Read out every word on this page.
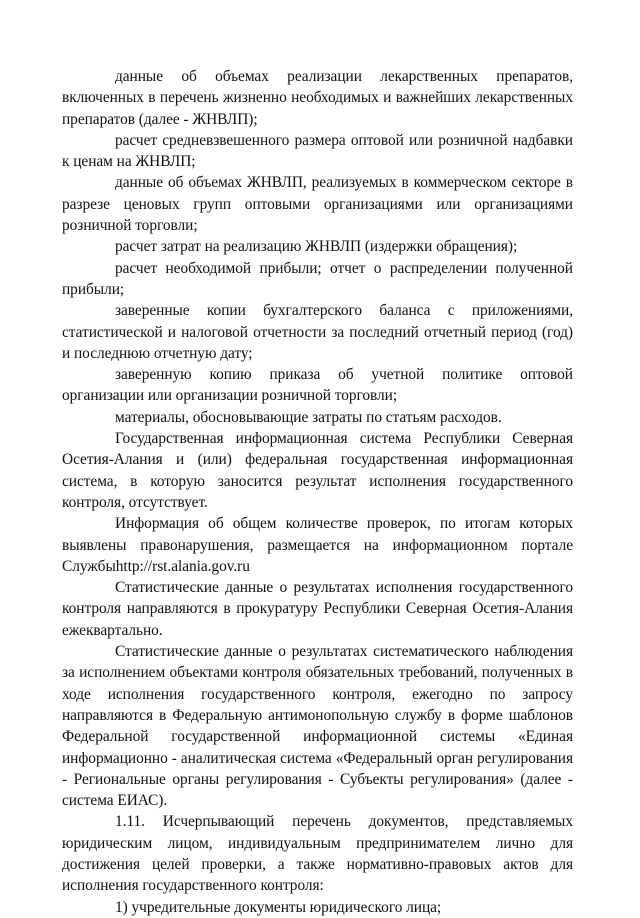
данные об объемах реализации лекарственных препаратов, включенных в перечень жизненно необходимых и важнейших лекарственных препаратов (далее - ЖНВЛП);

расчет средневзвешенного размера оптовой или розничной надбавки к ценам на ЖНВЛП;

данные об объемах ЖНВЛП, реализуемых в коммерческом секторе в разрезе ценовых групп оптовыми организациями или организациями розничной торговли;

расчет затрат на реализацию ЖНВЛП (издержки обращения);

расчет необходимой прибыли; отчет о распределении полученной прибыли;

заверенные копии бухгалтерского баланса с приложениями, статистической и налоговой отчетности за последний отчетный период (год) и последнюю отчетную дату;

заверенную копию приказа об учетной политике оптовой организации или организации розничной торговли;

материалы, обосновывающие затраты по статьям расходов.

Государственная информационная система Республики Северная Осетия-Алания и (или) федеральная государственная информационная система, в которую заносится результат исполнения государственного контроля, отсутствует.

Информация об общем количестве проверок, по итогам которых выявлены правонарушения, размещается на информационном портале Службыhttp://rst.alania.gov.ru

Статистические данные о результатах исполнения государственного контроля направляются в прокуратуру Республики Северная Осетия-Алания ежеквартально.

Статистические данные о результатах систематического наблюдения за исполнением объектами контроля обязательных требований, полученных в ходе исполнения государственного контроля, ежегодно по запросу направляются в Федеральную антимонопольную службу в форме шаблонов Федеральной государственной информационной системы «Единая информационно - аналитическая система «Федеральный орган регулирования - Региональные органы регулирования - Субъекты регулирования» (далее - система ЕИАС).

1.11. Исчерпывающий перечень документов, представляемых юридическим лицом, индивидуальным предпринимателем лично для достижения целей проверки, а также нормативно-правовых актов для исполнения государственного контроля:

1) учредительные документы юридического лица;
